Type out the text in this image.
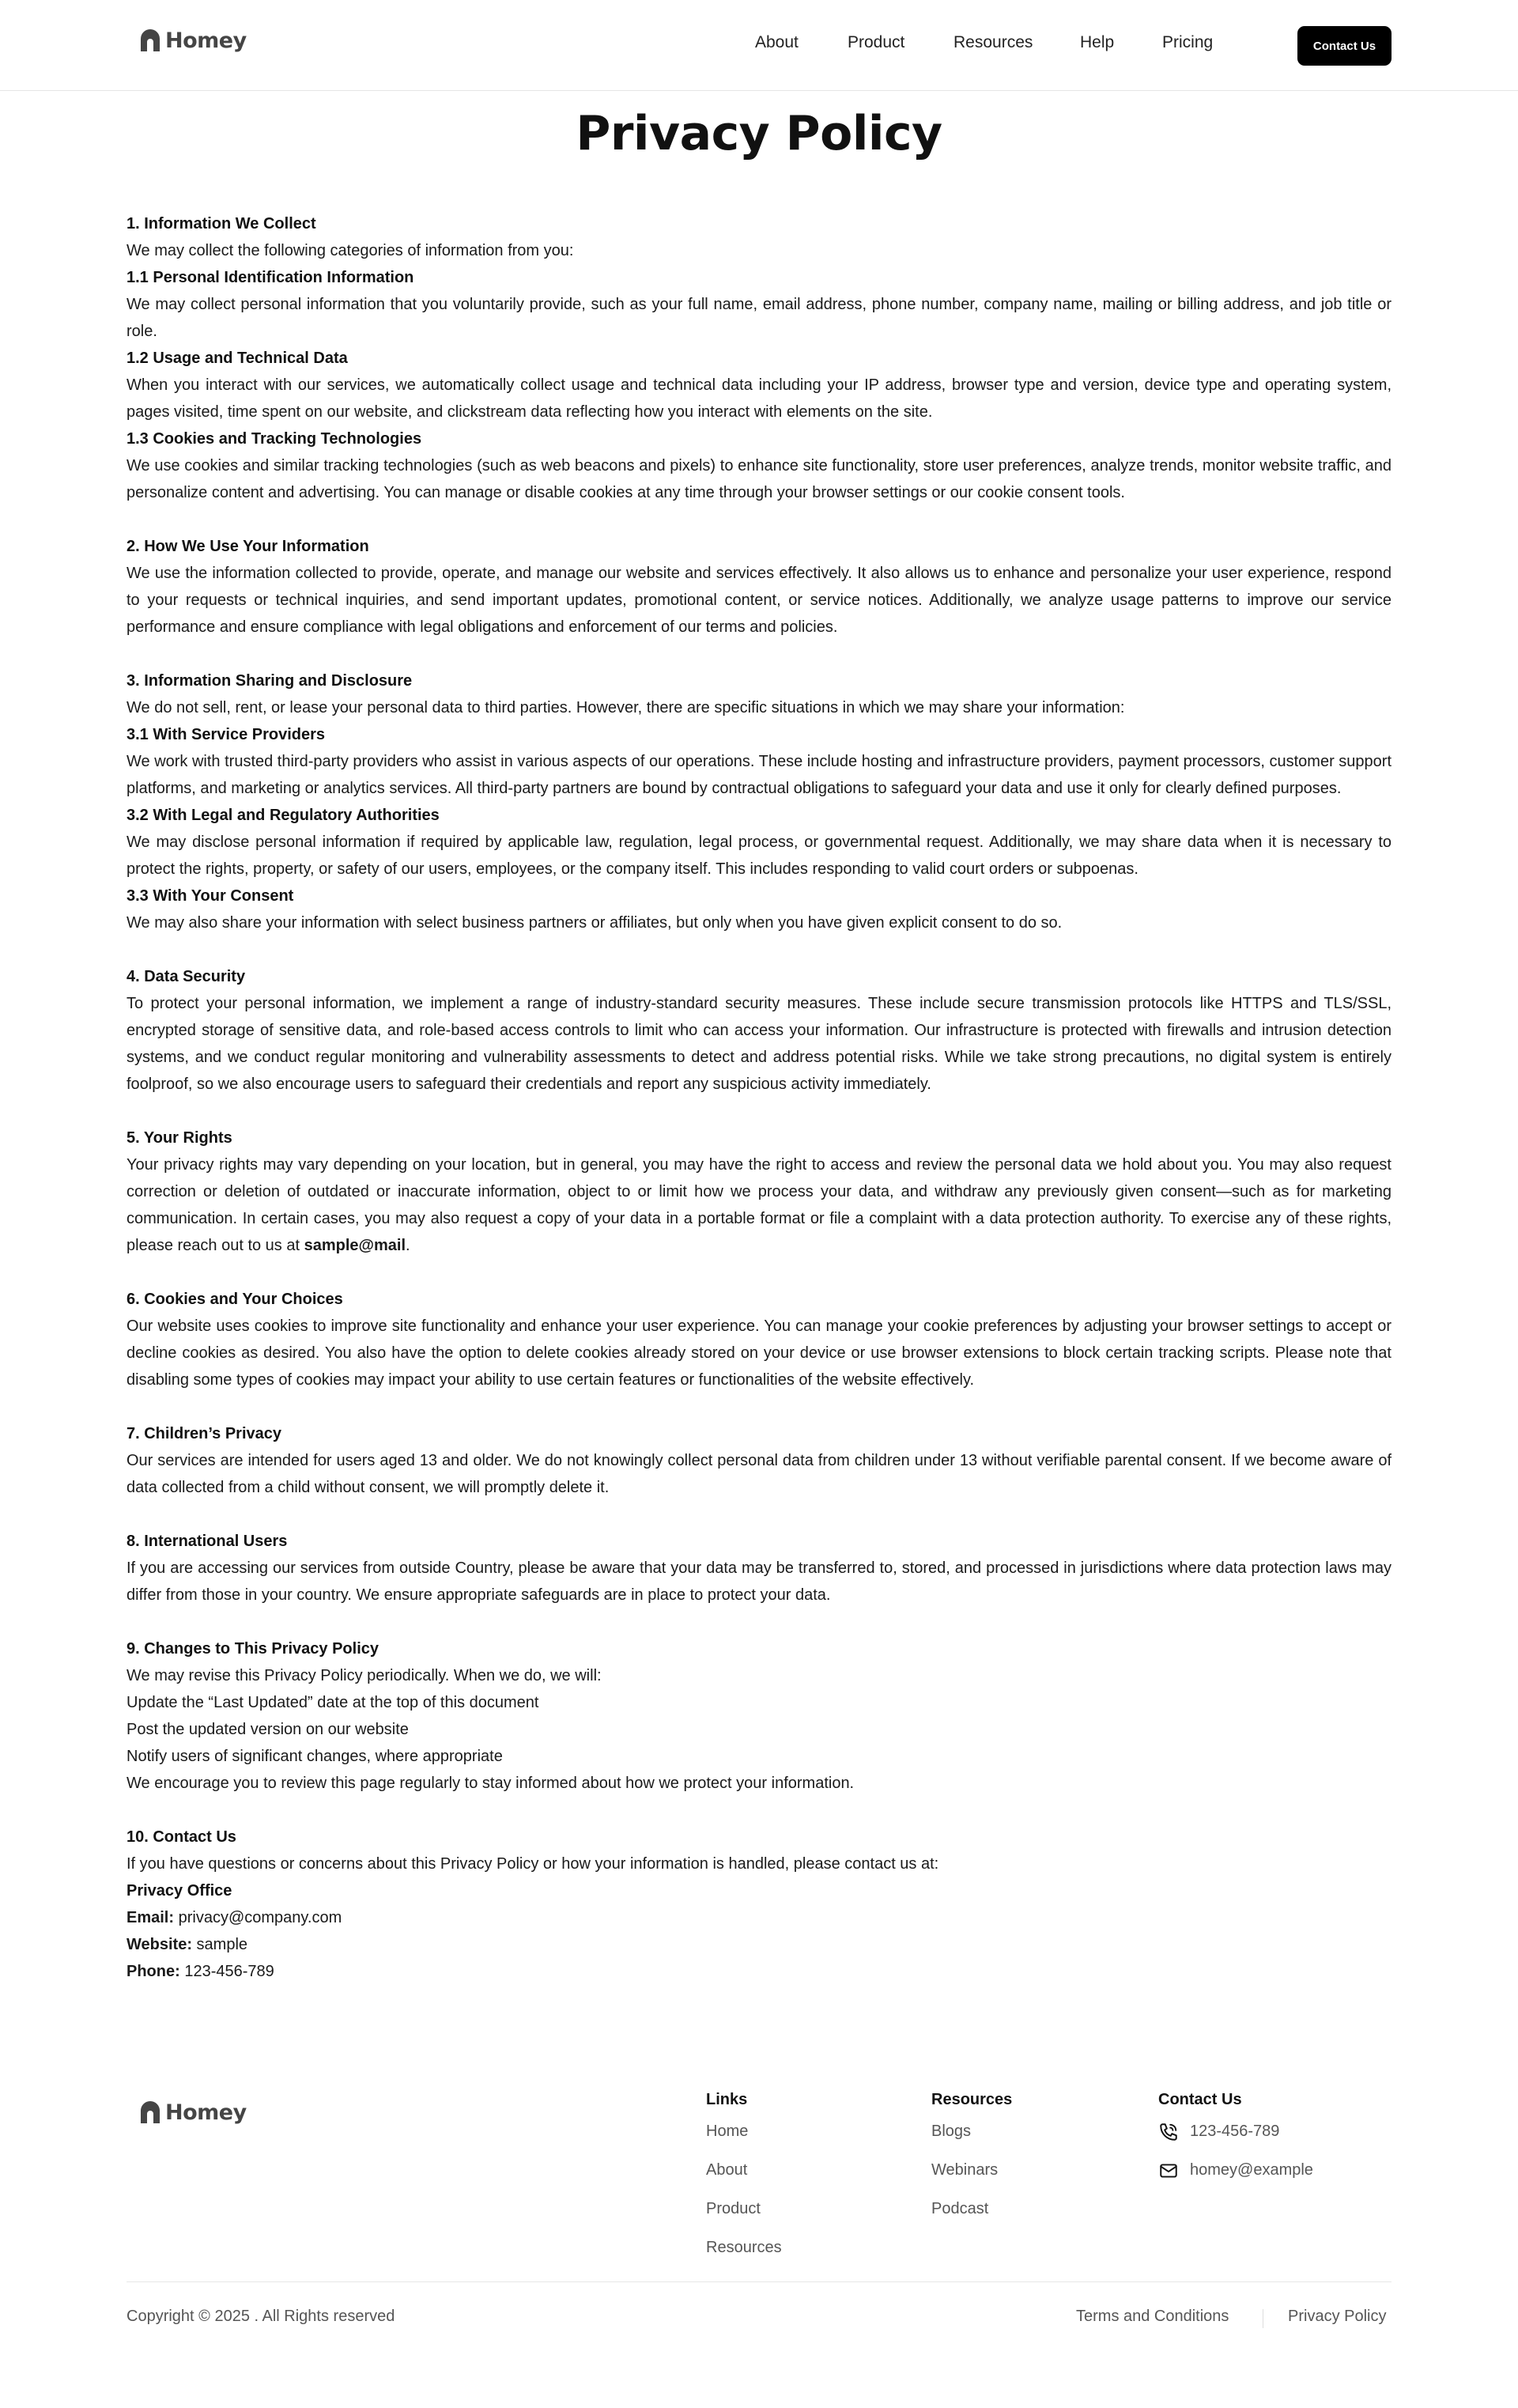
Homey	About	Product	Resources	Help	Pricing	Contact Us
Privacy Policy

1. Information We Collect

We may collect the following categories of information from you:

1.1 Personal Identification Information

We may collect personal information that you voluntarily provide, such as your full name, email address, phone number, company name, mailing or billing address, and job title or role.

1.2 Usage and Technical Data

When you interact with our services, we automatically collect usage and technical data including your IP address, browser type and version, device type and operating system, pages visited, time spent on our website, and clickstream data reflecting how you interact with elements on the site.

1.3 Cookies and Tracking Technologies

We use cookies and similar tracking technologies (such as web beacons and pixels) to enhance site functionality, store user preferences, analyze trends, monitor website traffic, and personalize content and advertising. You can manage or disable cookies at any time through your browser settings or our cookie consent tools.

2. How We Use Your Information

We use the information collected to provide, operate, and manage our website and services effectively. It also allows us to enhance and personalize your user experience, respond to your requests or technical inquiries, and send important updates, promotional content, or service notices. Additionally, we analyze usage patterns to improve our service performance and ensure compliance with legal obligations and enforcement of our terms and policies.

3. Information Sharing and Disclosure

We do not sell, rent, or lease your personal data to third parties. However, there are specific situations in which we may share your information:

3.1 With Service Providers

We work with trusted third-party providers who assist in various aspects of our operations. These include hosting and infrastructure providers, payment processors, customer support platforms, and marketing or analytics services. All third-party partners are bound by contractual obligations to safeguard your data and use it only for clearly defined purposes.

3.2 With Legal and Regulatory Authorities

We may disclose personal information if required by applicable law, regulation, legal process, or governmental request. Additionally, we may share data when it is necessary to protect the rights, property, or safety of our users, employees, or the company itself. This includes responding to valid court orders or subpoenas.

3.3 With Your Consent

We may also share your information with select business partners or affiliates, but only when you have given explicit consent to do so.

4. Data Security

To protect your personal information, we implement a range of industry-standard security measures. These include secure transmission protocols like HTTPS and TLS/SSL, encrypted storage of sensitive data, and role-based access controls to limit who can access your information. Our infrastructure is protected with firewalls and intrusion detection systems, and we conduct regular monitoring and vulnerability assessments to detect and address potential risks. While we take strong precautions, no digital system is entirely foolproof, so we also encourage users to safeguard their credentials and report any suspicious activity immediately.

5. Your Rights

Your privacy rights may vary depending on your location, but in general, you may have the right to access and review the personal data we hold about you. You may also request correction or deletion of outdated or inaccurate information, object to or limit how we process your data, and withdraw any previously given consent—such as for marketing communication. In certain cases, you may also request a copy of your data in a portable format or file a complaint with a data protection authority. To exercise any of these rights, please reach out to us at sample@mail.

6. Cookies and Your Choices

Our website uses cookies to improve site functionality and enhance your user experience. You can manage your cookie preferences by adjusting your browser settings to accept or decline cookies as desired. You also have the option to delete cookies already stored on your device or use browser extensions to block certain tracking scripts. Please note that disabling some types of cookies may impact your ability to use certain features or functionalities of the website effectively.

7. Children’s Privacy

Our services are intended for users aged 13 and older. We do not knowingly collect personal data from children under 13 without verifiable parental consent. If we become aware of data collected from a child without consent, we will promptly delete it.

8. International Users

If you are accessing our services from outside Country, please be aware that your data may be transferred to, stored, and processed in jurisdictions where data protection laws may differ from those in your country. We ensure appropriate safeguards are in place to protect your data.

9. Changes to This Privacy Policy

We may revise this Privacy Policy periodically. When we do, we will:

Update the “Last Updated” date at the top of this document

Post the updated version on our website

Notify users of significant changes, where appropriate

We encourage you to review this page regularly to stay informed about how we protect your information.

10. Contact Us

If you have questions or concerns about this Privacy Policy or how your information is handled, please contact us at:

Privacy Office

Email: privacy@company.com

Website: sample

Phone: 123-456-789

Homey
Links
Home
About
Product
Resources
Resources
Blogs
Webinars
Podcast
Contact Us
123-456-789
homey@example
Copyright © 2025 . All Rights reserved	Terms and Conditions	Privacy Policy
